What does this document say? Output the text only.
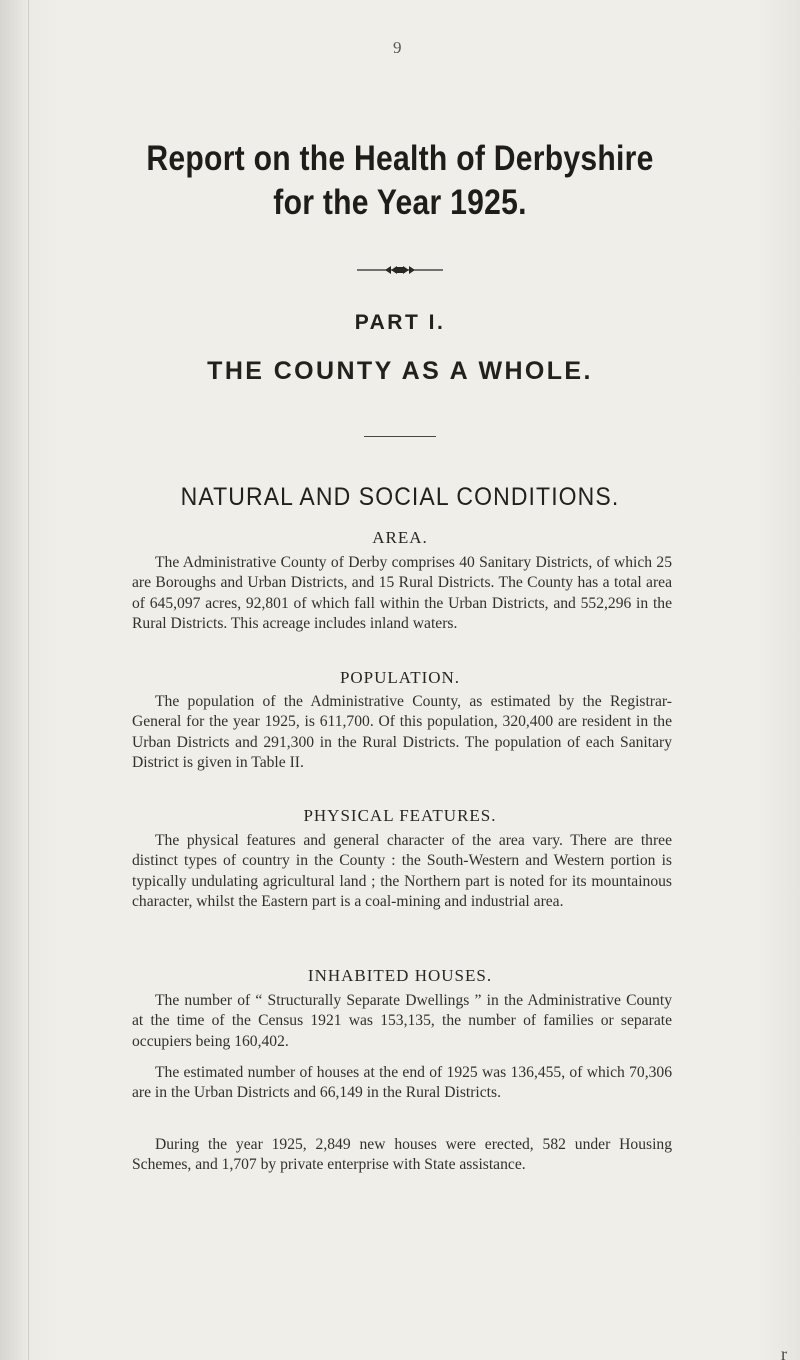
9
Report on the Health of Derbyshire
for the Year 1925.
PART I.
THE COUNTY AS A WHOLE.
NATURAL AND SOCIAL CONDITIONS.
AREA.

The Administrative County of Derby comprises 40 Sanitary Districts, of which 25 are Boroughs and Urban Districts, and 15 Rural Districts. The County has a total area of 645,097 acres, 92,801 of which fall within the Urban Districts, and 552,296 in the Rural Districts. This acreage includes inland waters.

POPULATION.

The population of the Administrative County, as estimated by the Registrar-General for the year 1925, is 611,700. Of this population, 320,400 are resident in the Urban Districts and 291,300 in the Rural Districts. The population of each Sanitary District is given in Table II.

PHYSICAL FEATURES.

The physical features and general character of the area vary. There are three distinct types of country in the County : the South-Western and Western portion is typically undulating agricultural land ; the Northern part is noted for its mountainous character, whilst the Eastern part is a coal-mining and industrial area.

INHABITED HOUSES.

The number of “ Structurally Separate Dwellings ” in the Administrative County at the time of the Census 1921 was 153,135, the number of families or separate occupiers being 160,402.

The estimated number of houses at the end of 1925 was 136,455, of which 70,306 are in the Urban Districts and 66,149 in the Rural Districts.

During the year 1925, 2,849 new houses were erected, 582 under Housing Schemes, and 1,707 by private enterprise with State assistance.

r
